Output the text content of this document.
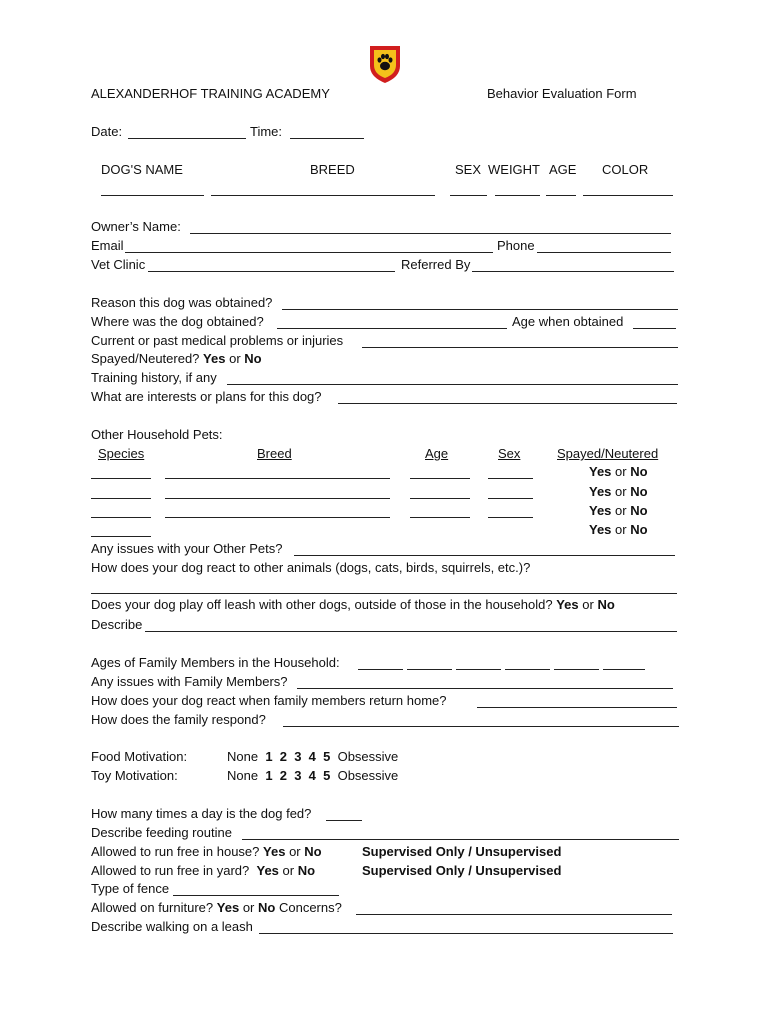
ALEXANDERHOF TRAINING ACADEMY	Behavior Evaluation Form
Date:	Time:
DOG'S NAME	BREED	SEX WEIGHT AGE COLOR
Owner’s Name:
Email	Phone
Vet Clinic	Referred By
Reason this dog was obtained?
Where was the dog obtained?	Age when obtained
Current or past medical problems or injuries
Spayed/Neutered? Yes or No
Training history, if any
What are interests or plans for this dog?
Other Household Pets:
Species	Breed	Age	Sex	Spayed/Neutered
Yes or No
Yes or No
Yes or No
Yes or No
Any issues with your Other Pets?
How does your dog react to other animals (dogs, cats, birds, squirrels, etc.)?
Does your dog play off leash with other dogs, outside of those in the household? Yes or No
Describe
Ages of Family Members in the Household:
Any issues with Family Members?
How does your dog react when family members return home?
How does the family respond?
Food Motivation:	None 1  2  3  4  5 Obsessive
Toy Motivation:	None 1  2  3  4  5 Obsessive
How many times a day is the dog fed?
Describe feeding routine
Allowed to run free in house? Yes or No	Supervised Only / Unsupervised
Allowed to run free in yard? Yes or No	Supervised Only / Unsupervised
Type of fence
Allowed on furniture? Yes or No Concerns?
Describe walking on a leash
